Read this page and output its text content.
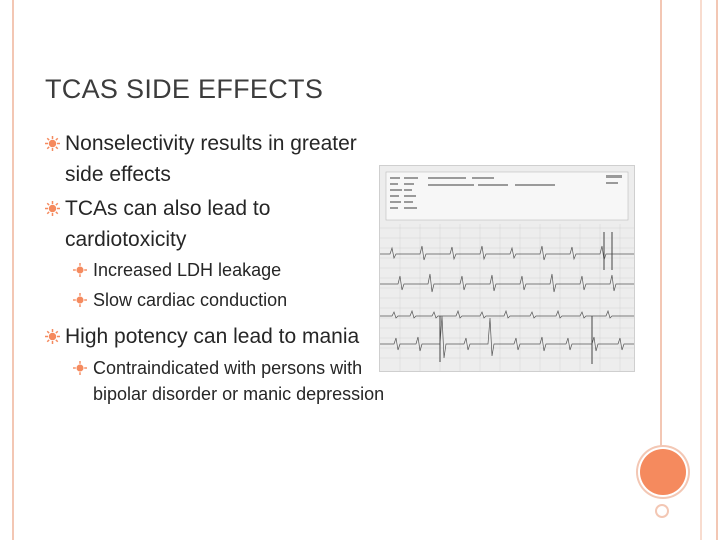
TCAS SIDE EFFECTS
Nonselectivity results in greater side effects
TCAs can also lead to cardiotoxicity
Increased LDH leakage
Slow cardiac conduction
High potency can lead to mania
Contraindicated with persons with bipolar disorder or manic depression
